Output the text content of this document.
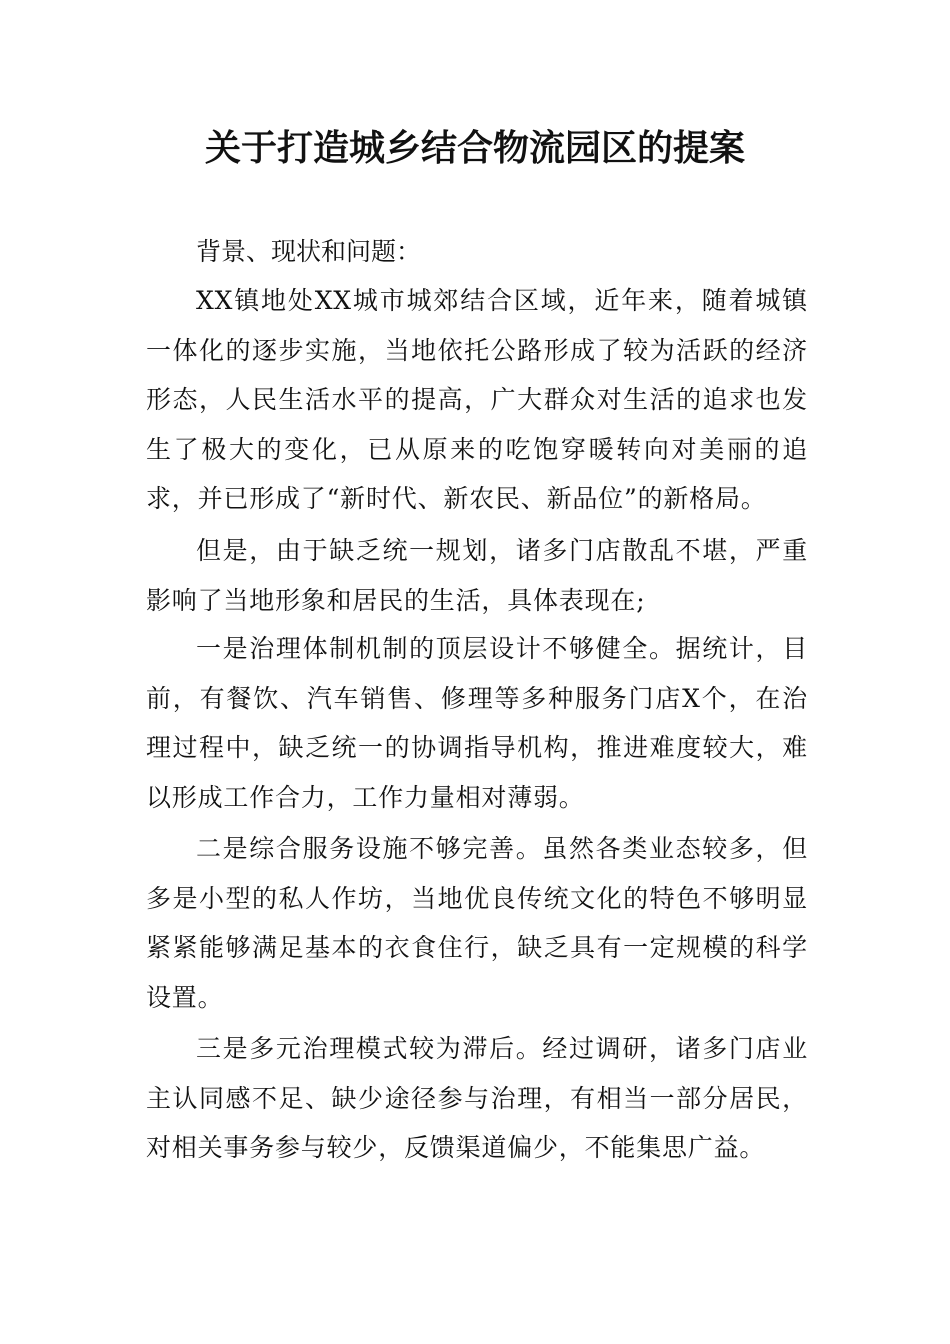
关于打造城乡结合物流园区的提案
背景、现状和问题：

XX镇地处XX城市城郊结合区域，近年来，随着城镇一体化的逐步实施，当地依托公路形成了较为活跃的经济形态，人民生活水平的提高，广大群众对生活的追求也发生了极大的变化，已从原来的吃饱穿暖转向对美丽的追求，并已形成了“新时代、新农民、新品位”的新格局。

但是，由于缺乏统一规划，诸多门店散乱不堪，严重影响了当地形象和居民的生活，具体表现在;

一是治理体制机制的顶层设计不够健全。据统计，目前，有餐饮、汽车销售、修理等多种服务门店X个，在治理过程中，缺乏统一的协调指导机构，推进难度较大，难以形成工作合力，工作力量相对薄弱。

二是综合服务设施不够完善。虽然各类业态较多，但多是小型的私人作坊，当地优良传统文化的特色不够明显紧紧能够满足基本的衣食住行，缺乏具有一定规模的科学设置。

三是多元治理模式较为滞后。经过调研，诸多门店业主认同感不足、缺少途径参与治理，有相当一部分居民，对相关事务参与较少，反馈渠道偏少，不能集思广益。
